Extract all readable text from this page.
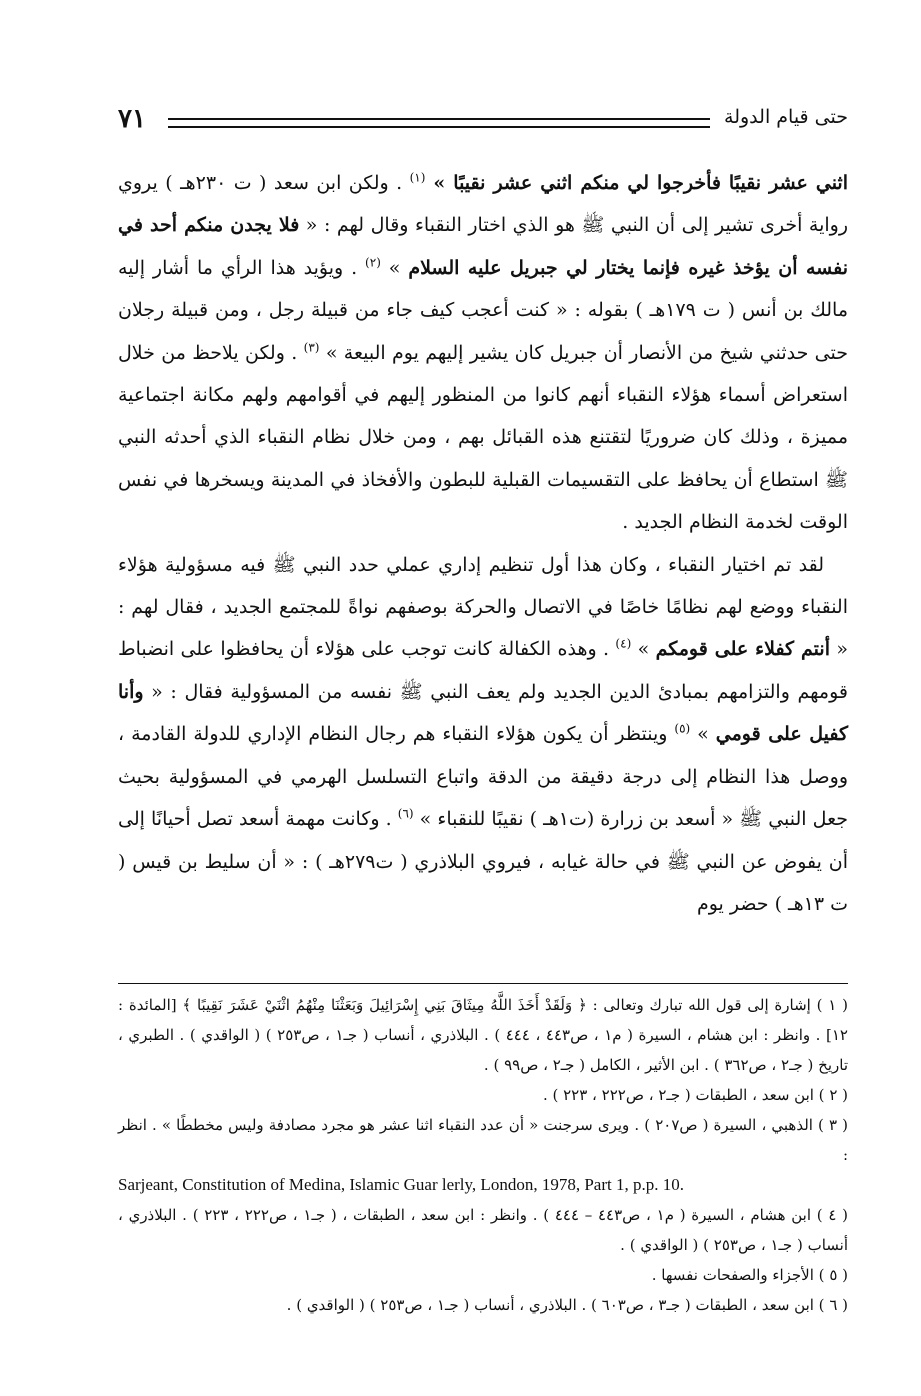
٧١	حتى قيام الدولة

اثني عشر نقيبًا فأخرجوا لي منكم اثني عشر نقيبًا » $^{(١)}$ . ولكن ابن سعد ( ت ٢٣٠هـ ) يروي رواية أخرى تشير إلى أن النبي ﷺ هو الذي اختار النقباء وقال لهم : « فلا يجدن منكم أحد في نفسه أن يؤخذ غيره فإنما يختار لي جبريل عليه السلام » $^{(٢)}$ . ويؤيد هذا الرأي ما أشار إليه مالك بن أنس ( ت ١٧٩هـ ) بقوله : « كنت أعجب كيف جاء من قبيلة رجل ، ومن قبيلة رجلان حتى حدثني شيخ من الأنصار أن جبريل كان يشير إليهم يوم البيعة » $^{(٣)}$ . ولكن يلاحظ من خلال استعراض أسماء هؤلاء النقباء أنهم كانوا من المنظور إليهم في أقوامهم ولهم مكانة اجتماعية مميزة ، وذلك كان ضروريًا لتقتنع هذه القبائل بهم ، ومن خلال نظام النقباء الذي أحدثه النبي ﷺ استطاع أن يحافظ على التقسيمات القبلية للبطون والأفخاذ في المدينة ويسخرها في نفس الوقت لخدمة النظام الجديد .

لقد تم اختيار النقباء ، وكان هذا أول تنظيم إداري عملي حدد النبي ﷺ فيه مسؤولية هؤلاء النقباء ووضع لهم نظامًا خاصًا في الاتصال والحركة بوصفهم نواةً للمجتمع الجديد ، فقال لهم : « أنتم كفلاء على قومكم » $^{(٤)}$ . وهذه الكفالة كانت توجب على هؤلاء أن يحافظوا على انضباط قومهم والتزامهم بمبادئ الدين الجديد ولم يعف النبي ﷺ نفسه من المسؤولية فقال : « وأنا كفيل على قومي » $^{(٥)}$ وينتظر أن يكون هؤلاء النقباء هم رجال النظام الإداري للدولة القادمة ، ووصل هذا النظام إلى درجة دقيقة من الدقة واتباع التسلسل الهرمي في المسؤولية بحيث جعل النبي ﷺ « أسعد بن زرارة (ت١هـ ) نقيبًا للنقباء » $^{(٦)}$ . وكانت مهمة أسعد تصل أحيانًا إلى أن يفوض عن النبي ﷺ في حالة غيابه ، فيروي البلاذري ( ت٢٧٩هـ ) : « أن سليط بن قيس ( ت ١٣هـ ) حضر يوم

( ١ ) إشارة إلى قول الله تبارك وتعالى : ﴿ وَلَقَدْ أَخَذَ اللَّهُ مِيثَاقَ بَنِي إِسْرَائِيلَ وَبَعَثْنَا مِنْهُمُ اثْنَيْ عَشَرَ نَقِيبًا ﴾ [المائدة : ١٢] . وانظر : ابن هشام ، السيرة ( م١ ، ص٤٤٣ ، ٤٤٤ ) . البلاذري ، أنساب ( جـ١ ، ص٢٥٣ ) ( الواقدي ) . الطبري ، تاريخ ( جـ٢ ، ص٣٦٢ ) . ابن الأثير ، الكامل ( جـ٢ ، ص٩٩ ) .

( ٢ ) ابن سعد ، الطبقات ( جـ٢ ، ص٢٢٢ ، ٢٢٣ ) .

( ٣ ) الذهبي ، السيرة ( ص٢٠٧ ) . ويرى سرجنت « أن عدد النقباء اثنا عشر هو مجرد مصادفة وليس مخططًا » . انظر :

Sarjeant, Constitution of Medina, Islamic Guar lerly, London, 1978, Part 1, p.p. 10.

( ٤ ) ابن هشام ، السيرة ( م١ ، ص٤٤٣ – ٤٤٤ ) . وانظر : ابن سعد ، الطبقات ، ( جـ١ ، ص٢٢٢ ، ٢٢٣ ) . البلاذري ، أنساب ( جـ١ ، ص٢٥٣ ) ( الواقدي ) .

( ٥ ) الأجزاء والصفحات نفسها .

( ٦ ) ابن سعد ، الطبقات ( جـ٣ ، ص٦٠٣ ) . البلاذري ، أنساب ( جـ١ ، ص٢٥٣ ) ( الواقدي ) .
